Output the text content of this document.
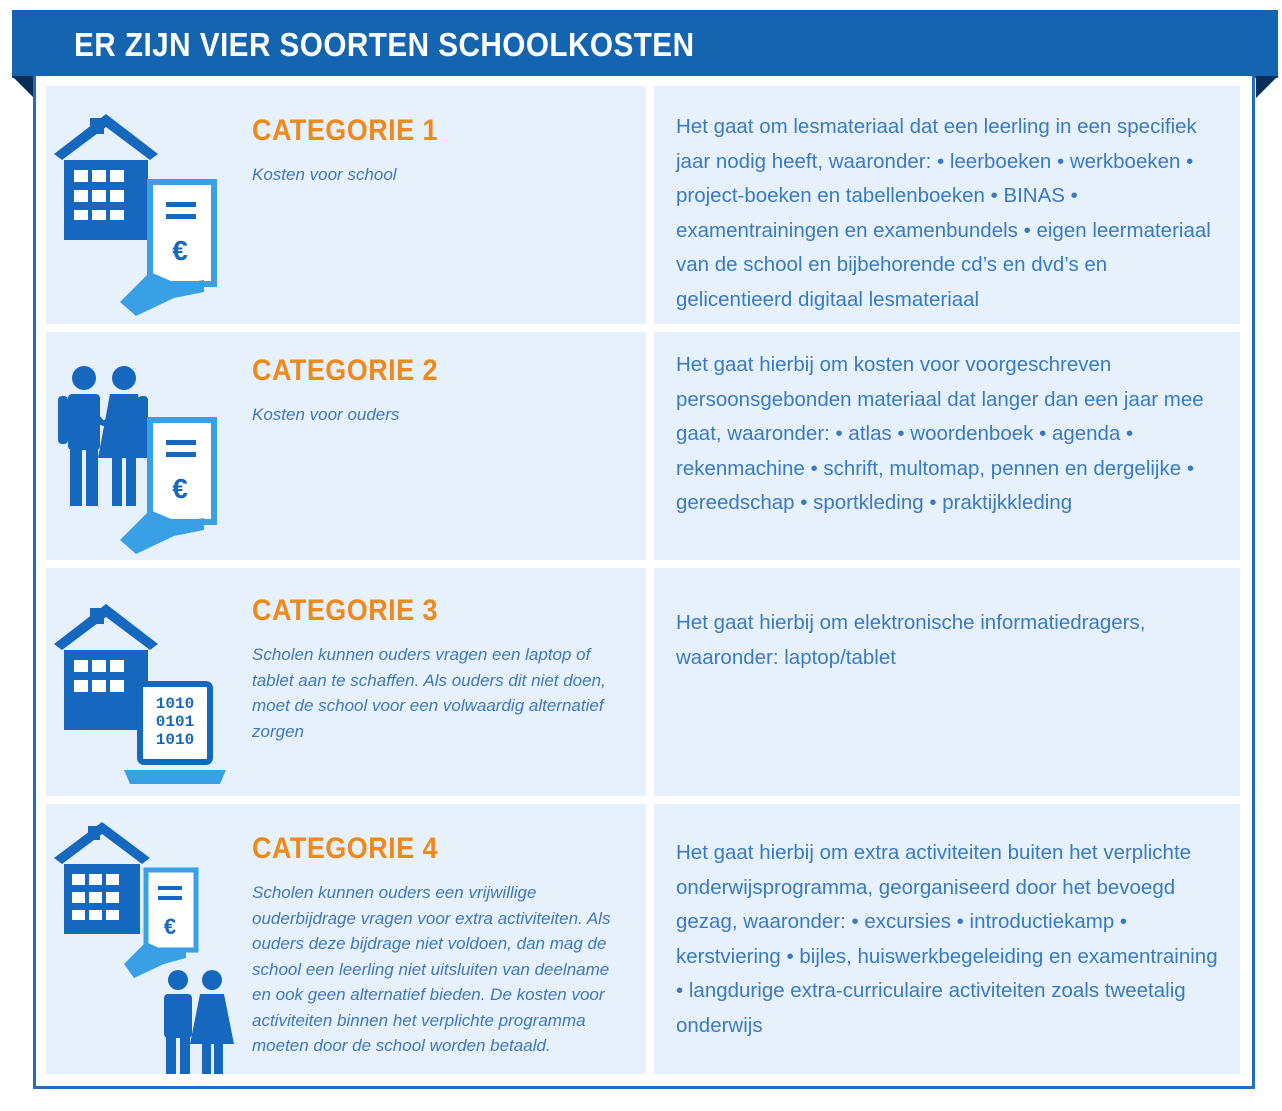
ER ZIJN VIER SOORTEN SCHOOLKOSTEN
€
CATEGORIE 1

Kosten voor school

Het gaat om lesmateriaal dat een leerling in een specifiek jaar nodig heeft, waaronder: • leerboeken • werkboeken • project-boeken en tabellenboeken • BINAS • examentrainingen en examenbundels • eigen leermateriaal van de school en bijbehorende cd’s en dvd’s en gelicentieerd digitaal lesmateriaal

€
CATEGORIE 2

Kosten voor ouders

Het gaat hierbij om kosten voor voorgeschreven persoonsgebonden materiaal dat langer dan een jaar mee gaat, waaronder: • atlas • woordenboek • agenda • rekenmachine • schrift, multomap, pennen en dergelijke • gereedschap • sportkleding • praktijkkleding

1010
0101
1010
CATEGORIE 3

Scholen kunnen ouders vragen een laptop of tablet aan te schaffen. Als ouders dit niet doen, moet de school voor een volwaardig alternatief zorgen

Het gaat hierbij om elektronische informatiedragers, waaronder: laptop/tablet

€
CATEGORIE 4

Scholen kunnen ouders een vrijwillige ouderbijdrage vragen voor extra activiteiten. Als ouders deze bijdrage niet voldoen, dan mag de school een leerling niet uitsluiten van deelname en ook geen alternatief bieden. De kosten voor activiteiten binnen het verplichte programma moeten door de school worden betaald.

Het gaat hierbij om extra activiteiten buiten het verplichte onderwijsprogramma, georganiseerd door het bevoegd gezag, waaronder: • excursies • introductiekamp • kerstviering • bijles, huiswerkbegeleiding en examentraining • langdurige extra-curriculaire activiteiten zoals tweetalig onderwijs
